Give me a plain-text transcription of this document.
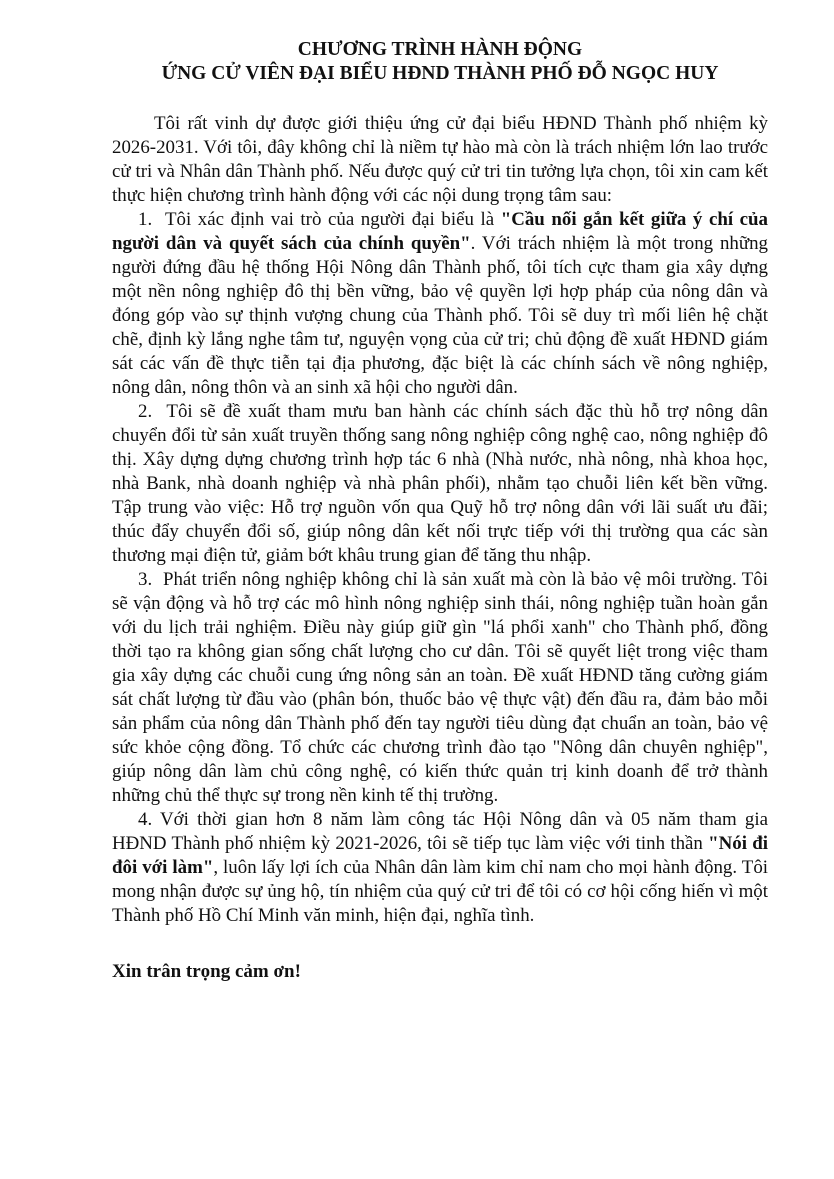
CHƯƠNG TRÌNH HÀNH ĐỘNG
ỨNG CỬ VIÊN ĐẠI BIỂU HĐND THÀNH PHỐ ĐỖ NGỌC HUY

Tôi rất vinh dự được giới thiệu ứng cử đại biểu HĐND Thành phố nhiệm kỳ 2026-2031. Với tôi, đây không chỉ là niềm tự hào mà còn là trách nhiệm lớn lao trước cử tri và Nhân dân Thành phố. Nếu được quý cử tri tin tưởng lựa chọn, tôi xin cam kết thực hiện chương trình hành động với các nội dung trọng tâm sau:

1. Tôi xác định vai trò của người đại biểu là "Cầu nối gắn kết giữa ý chí của người dân và quyết sách của chính quyền". Với trách nhiệm là một trong những người đứng đầu hệ thống Hội Nông dân Thành phố, tôi tích cực tham gia xây dựng một nền nông nghiệp đô thị bền vững, bảo vệ quyền lợi hợp pháp của nông dân và đóng góp vào sự thịnh vượng chung của Thành phố. Tôi sẽ duy trì mối liên hệ chặt chẽ, định kỳ lắng nghe tâm tư, nguyện vọng của cử tri; chủ động đề xuất HĐND giám sát các vấn đề thực tiễn tại địa phương, đặc biệt là các chính sách về nông nghiệp, nông dân, nông thôn và an sinh xã hội cho người dân.

2. Tôi sẽ đề xuất tham mưu ban hành các chính sách đặc thù hỗ trợ nông dân chuyển đổi từ sản xuất truyền thống sang nông nghiệp công nghệ cao, nông nghiệp đô thị. Xây dựng dựng chương trình hợp tác 6 nhà (Nhà nước, nhà nông, nhà khoa học, nhà Bank, nhà doanh nghiệp và nhà phân phối), nhằm tạo chuỗi liên kết bền vững. Tập trung vào việc: Hỗ trợ nguồn vốn qua Quỹ hỗ trợ nông dân với lãi suất ưu đãi; thúc đẩy chuyển đổi số, giúp nông dân kết nối trực tiếp với thị trường qua các sàn thương mại điện tử, giảm bớt khâu trung gian để tăng thu nhập.

3. Phát triển nông nghiệp không chỉ là sản xuất mà còn là bảo vệ môi trường. Tôi sẽ vận động và hỗ trợ các mô hình nông nghiệp sinh thái, nông nghiệp tuần hoàn gắn với du lịch trải nghiệm. Điều này giúp giữ gìn "lá phổi xanh" cho Thành phố, đồng thời tạo ra không gian sống chất lượng cho cư dân. Tôi sẽ quyết liệt trong việc tham gia xây dựng các chuỗi cung ứng nông sản an toàn. Đề xuất HĐND tăng cường giám sát chất lượng từ đầu vào (phân bón, thuốc bảo vệ thực vật) đến đầu ra, đảm bảo mỗi sản phẩm của nông dân Thành phố đến tay người tiêu dùng đạt chuẩn an toàn, bảo vệ sức khỏe cộng đồng. Tổ chức các chương trình đào tạo "Nông dân chuyên nghiệp", giúp nông dân làm chủ công nghệ, có kiến thức quản trị kinh doanh để trở thành những chủ thể thực sự trong nền kinh tế thị trường.

4. Với thời gian hơn 8 năm làm công tác Hội Nông dân và 05 năm tham gia HĐND Thành phố nhiệm kỳ 2021-2026, tôi sẽ tiếp tục làm việc với tinh thần "Nói đi đôi với làm", luôn lấy lợi ích của Nhân dân làm kim chỉ nam cho mọi hành động. Tôi mong nhận được sự ủng hộ, tín nhiệm của quý cử tri để tôi có cơ hội cống hiến vì một Thành phố Hồ Chí Minh văn minh, hiện đại, nghĩa tình.

Xin trân trọng cảm ơn!
